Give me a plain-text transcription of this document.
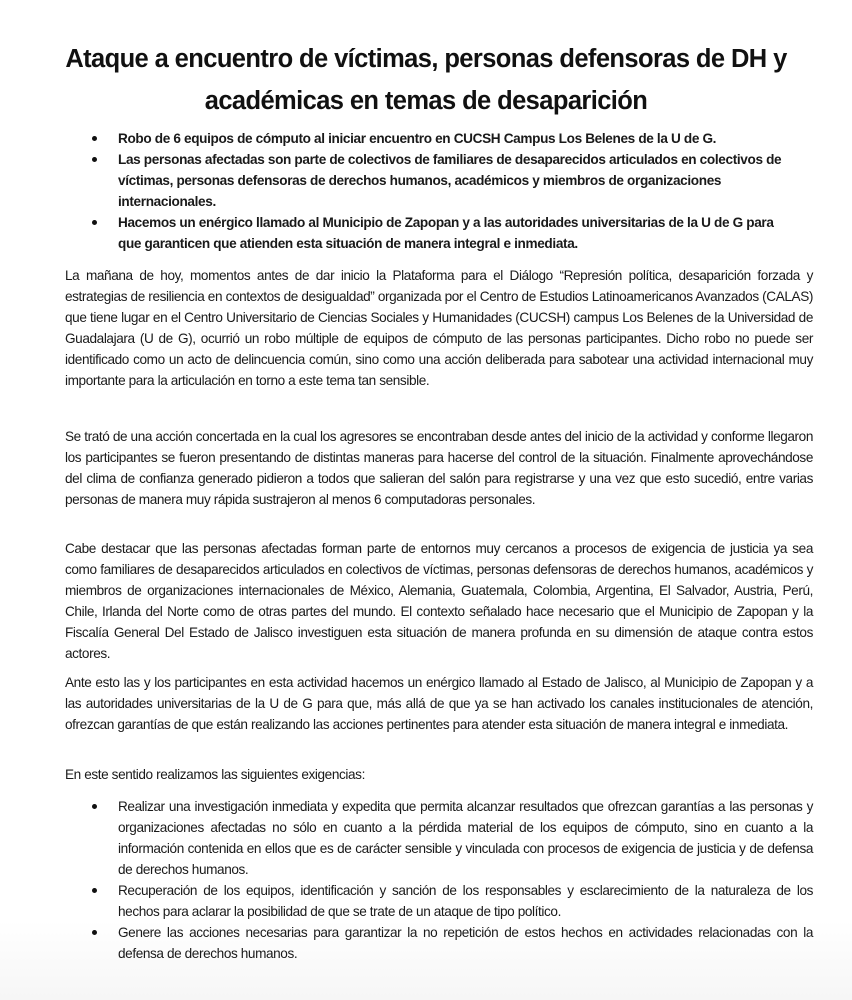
Ataque a encuentro de víctimas, personas defensoras de DH y académicas en temas de desaparición
Robo de 6 equipos de cómputo al iniciar encuentro en CUCSH Campus Los Belenes de la U de G.
Las personas afectadas son parte de colectivos de familiares de desaparecidos articulados en colectivos de víctimas, personas defensoras de derechos humanos, académicos y miembros de organizaciones internacionales.
Hacemos un enérgico llamado al Municipio de Zapopan y a las autoridades universitarias de la U de G para que garanticen que atienden esta situación de manera integral e inmediata.

La mañana de hoy, momentos antes de dar inicio la Plataforma para el Diálogo “Represión política, desaparición forzada y estrategias de resiliencia en contextos de desigualdad” organizada por el Centro de Estudios Latinoamericanos Avanzados (CALAS) que tiene lugar en el Centro Universitario de Ciencias Sociales y Humanidades (CUCSH) campus Los Belenes de la Universidad de Guadalajara (U de G), ocurrió un robo múltiple de equipos de cómputo de las personas participantes. Dicho robo no puede ser identificado como un acto de delincuencia común, sino como una acción deliberada para sabotear una actividad internacional muy importante para la articulación en torno a este tema tan sensible.

Se trató de una acción concertada en la cual los agresores se encontraban desde antes del inicio de la actividad y conforme llegaron los participantes se fueron presentando de distintas maneras para hacerse del control de la situación. Finalmente aprovechándose del clima de confianza generado pidieron a todos que salieran del salón para registrarse y una vez que esto sucedió, entre varias personas de manera muy rápida sustrajeron al menos 6 computadoras personales.

Cabe destacar que las personas afectadas forman parte de entornos muy cercanos a procesos de exigencia de justicia ya sea como familiares de desaparecidos articulados en colectivos de víctimas, personas defensoras de derechos humanos, académicos y miembros de organizaciones internacionales de México, Alemania, Guatemala, Colombia, Argentina, El Salvador, Austria, Perú, Chile, Irlanda del Norte como de otras partes del mundo. El contexto señalado hace necesario que el Municipio de Zapopan y la Fiscalía General Del Estado de Jalisco investiguen esta situación de manera profunda en su dimensión de ataque contra estos actores.

Ante esto las y los participantes en esta actividad hacemos un enérgico llamado al Estado de Jalisco, al Municipio de Zapopan y a las autoridades universitarias de la U de G para que, más allá de que ya se han activado los canales institucionales de atención, ofrezcan garantías de que están realizando las acciones pertinentes para atender esta situación de manera integral e inmediata.

En este sentido realizamos las siguientes exigencias:

Realizar una investigación inmediata y expedita que permita alcanzar resultados que ofrezcan garantías a las personas y organizaciones afectadas no sólo en cuanto a la pérdida material de los equipos de cómputo, sino en cuanto a la información contenida en ellos que es de carácter sensible y vinculada con procesos de exigencia de justicia y de defensa de derechos humanos.
Recuperación de los equipos, identificación y sanción de los responsables y esclarecimiento de la naturaleza de los hechos para aclarar la posibilidad de que se trate de un ataque de tipo político.
Genere las acciones necesarias para garantizar la no repetición de estos hechos en actividades relacionadas con la defensa de derechos humanos.
